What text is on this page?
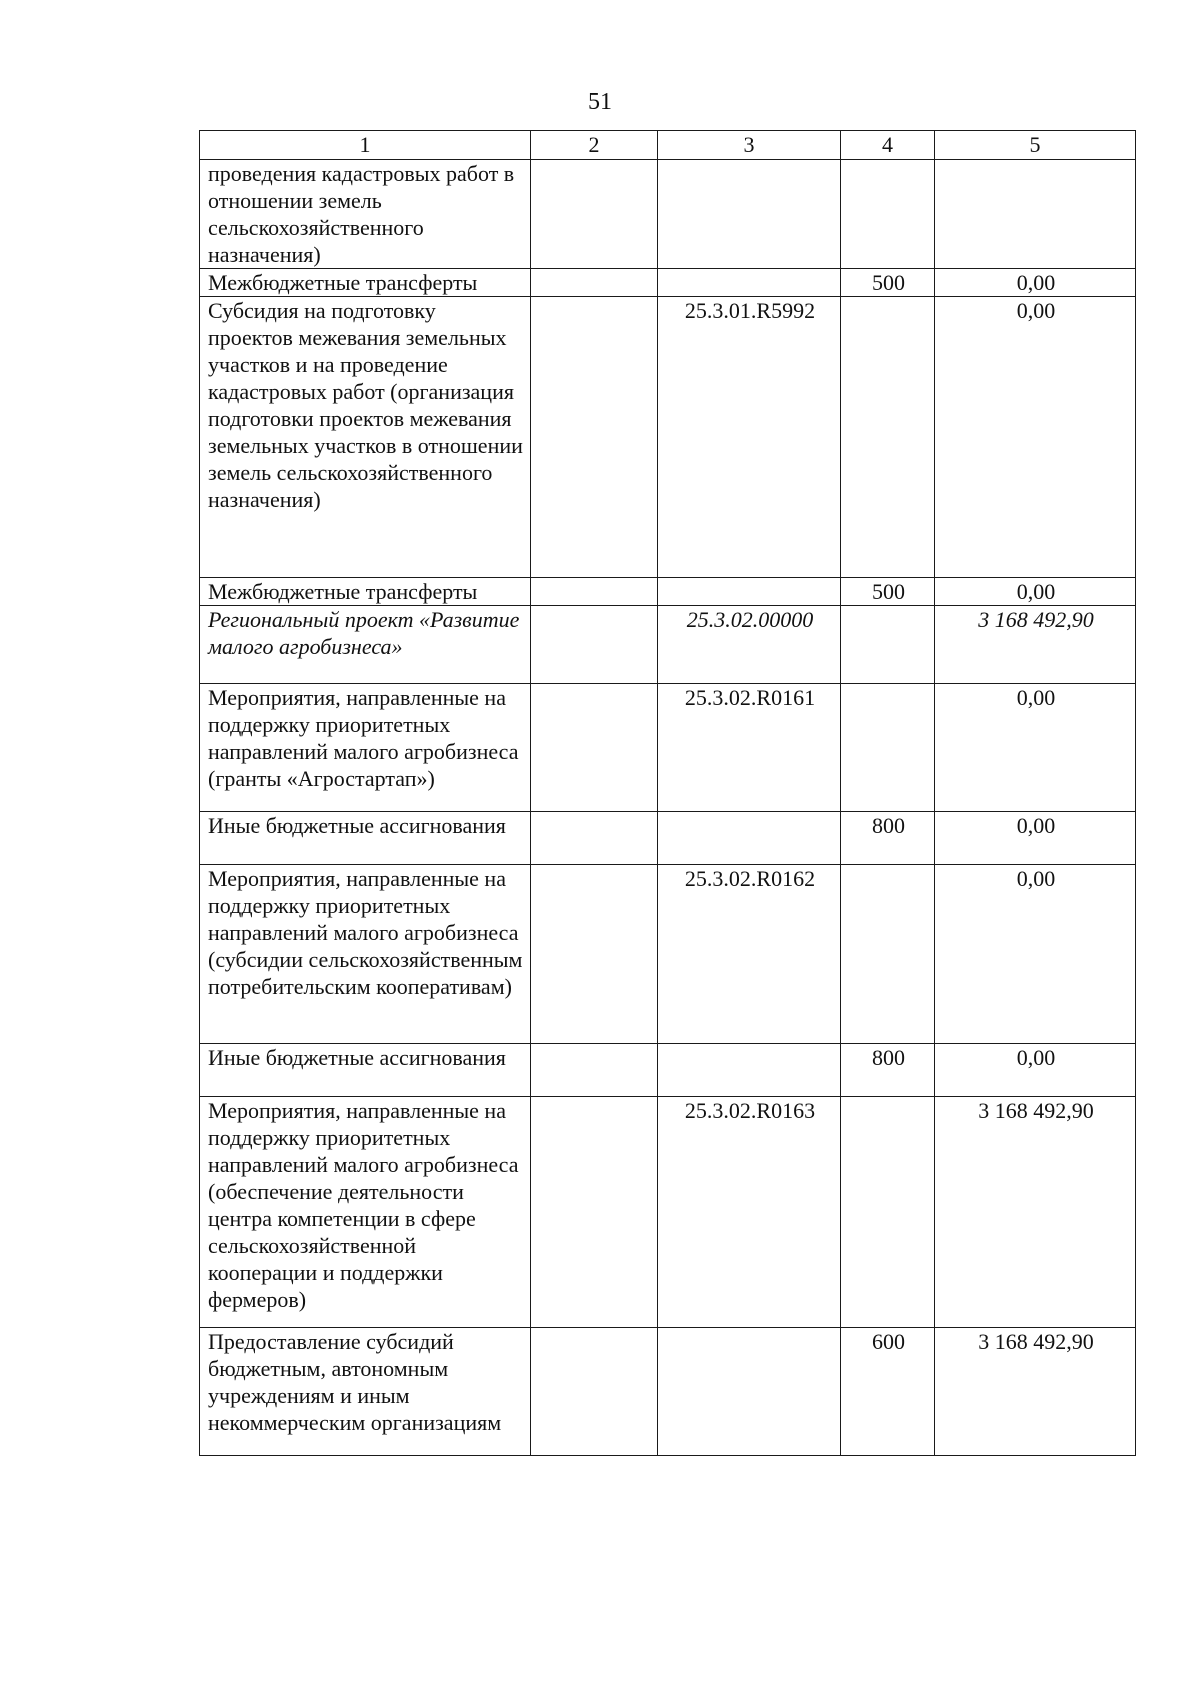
51
1	2	3	4	5
проведения кадастровых работ в отношении земель сельскохозяйственного назначения)				
Межбюджетные трансферты			500	0,00
Субсидия на подготовку проектов межевания земельных участков и на проведение кадастровых работ (организация подготовки проектов межевания земельных участков в отношении земель сельскохозяйственного назначения)		25.3.01.R5992		0,00
Межбюджетные трансферты			500	0,00
Региональный проект «Развитие малого агробизнеса»		25.3.02.00000		3 168 492,90
Мероприятия, направленные на поддержку приоритетных направлений малого агробизнеса (гранты «Агростартап»)		25.3.02.R0161		0,00
Иные бюджетные ассигнования			800	0,00
Мероприятия, направленные на поддержку приоритетных направлений малого агробизнеса (субсидии сельскохозяйственным потребительским кооперативам)		25.3.02.R0162		0,00
Иные бюджетные ассигнования			800	0,00
Мероприятия, направленные на поддержку приоритетных направлений малого агробизнеса (обеспечение деятельности центра компетенции в сфере сельскохозяйственной кооперации и поддержки фермеров)		25.3.02.R0163		3 168 492,90
Предоставление субсидий бюджетным, автономным учреждениям и иным некоммерческим организациям			600	3 168 492,90
